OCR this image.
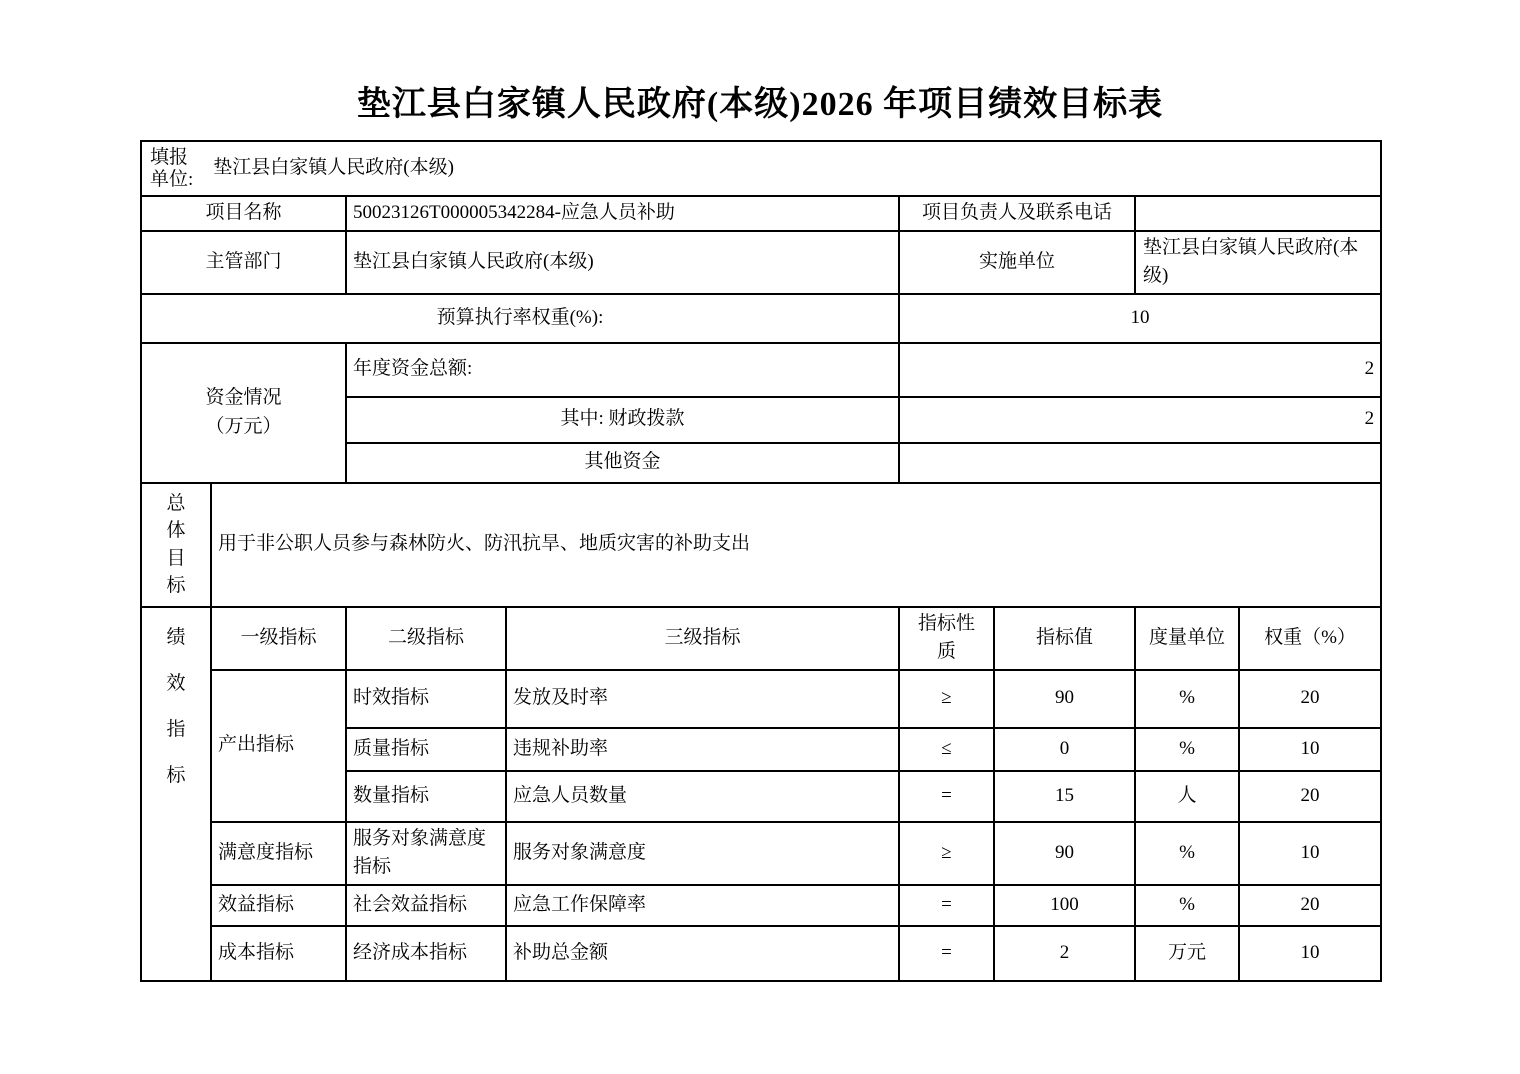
垫江县白家镇人民政府(本级)2026 年项目绩效目标表
填报
单位:
垫江县白家镇人民政府(本级)							

项目名称		50023126T000005342284-应急人员补助		项目负责人及联系电话			
主管部门		垫江县白家镇人民政府(本级)		实施单位		垫江县白家镇人民政府(本级)	
预算执行率权重(%):				10			
资金情况
（万元）		年度资金总额:		2			
		其中: 财政拨款		2			
		其他资金					

总
体
目
标	用于非公职人员参与森林防火、防汛抗旱、地质灾害的补助支出						

绩
效
指
标	一级指标	二级指标	三级指标	指标性质	指标值	度量单位	权重（%）
	产出指标	时效指标	发放及时率	≥	90	%	20
		质量指标	违规补助率	≤	0	%	10
		数量指标	应急人员数量	=	15	人	20
	满意度指标	服务对象满意度指标	服务对象满意度	≥	90	%	10
	效益指标	社会效益指标	应急工作保障率	=	100	%	20
	成本指标	经济成本指标	补助总金额	=	2	万元	10
